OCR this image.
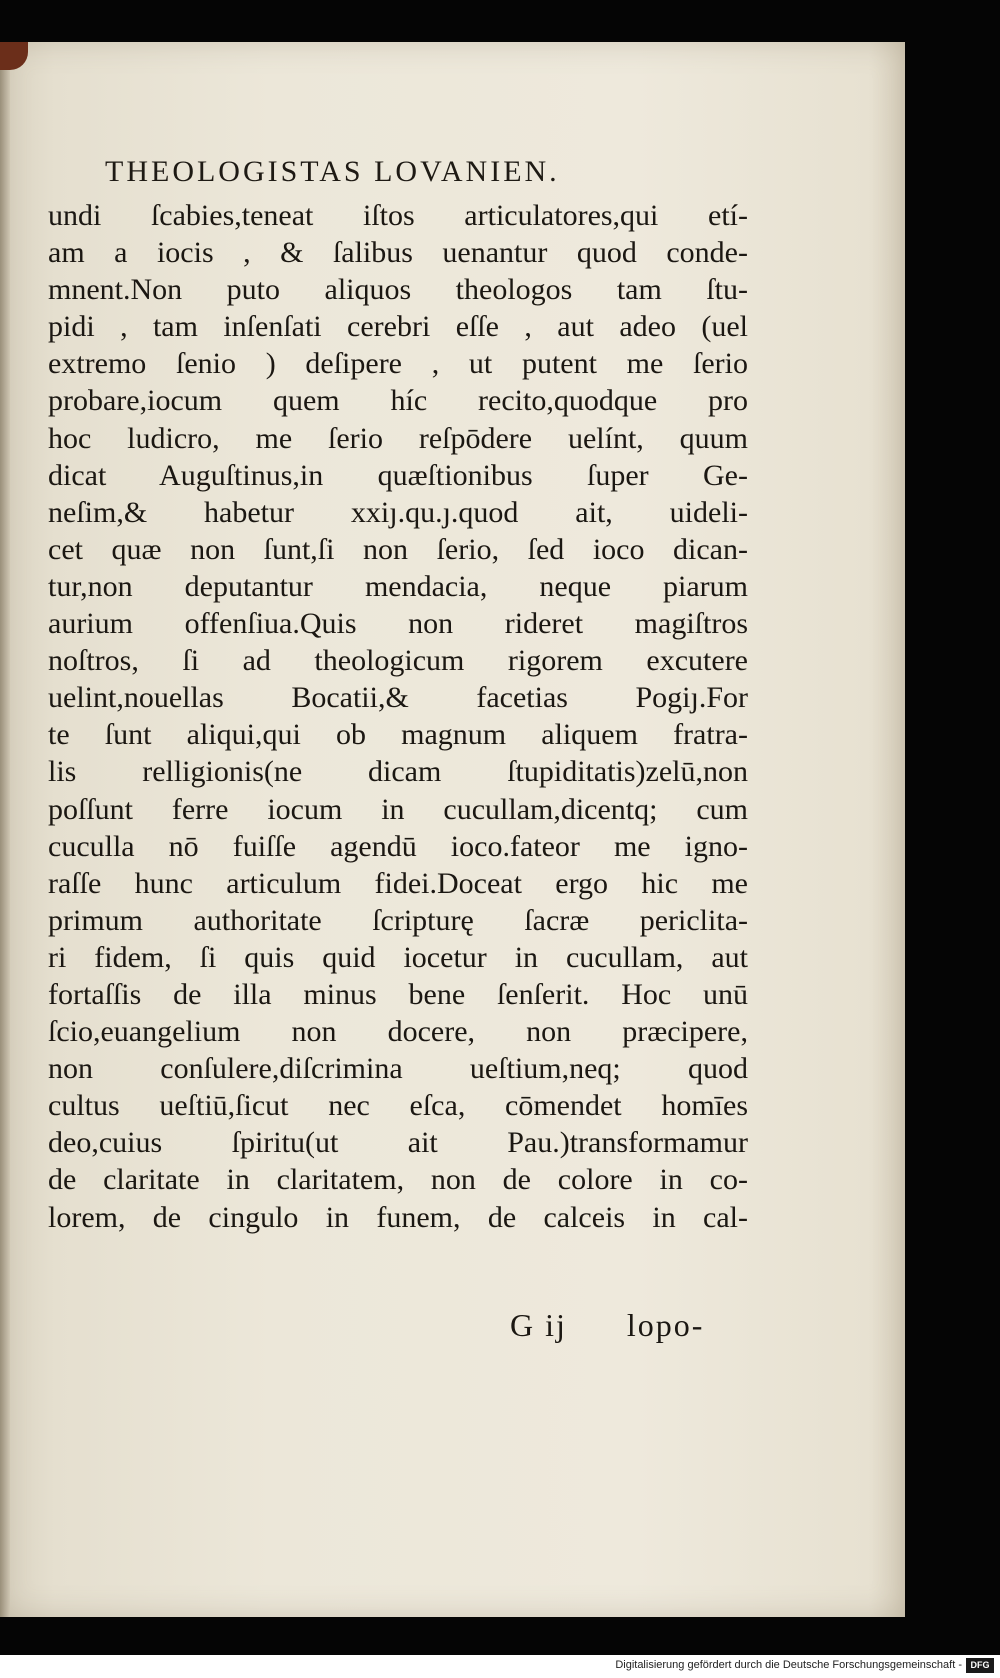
THEOLOGISTAS LOVANIEN.
undi ſcabies,teneat iſtos articulatores,qui etí-
am a iocis , & ſalibus uenantur quod conde-
mnent.Non puto aliquos theologos tam ſtu-
pidi , tam inſenſati cerebri eſſe , aut adeo (uel
extremo ſenio ) deſipere , ut putent me ſerio
probare,iocum quem híc recito,quodque pro
hoc ludicro, me ſerio reſpōdere uelínt, quum
dicat Auguſtinus,in quæſtionibus ſuper Ge-
neſim,& habetur xxiȷ.qu.ȷ.quod ait, uideli-
cet quæ non ſunt,ſi non ſerio, ſed ioco dican-
tur,non deputantur mendacia, neque piarum
aurium offenſiua.Quis non rideret magiſtros
noſtros, ſi ad theologicum rigorem excutere
uelint,nouellas Bocatii,& facetias Pogiȷ.For
te ſunt aliqui,qui ob magnum aliquem fratra-
lis relligionis(ne dicam ſtupiditatis)zelū,non
poſſunt ferre iocum in cucullam,dicentq; cum
cuculla nō fuiſſe agendū ioco.fateor me igno-
raſſe hunc articulum fidei.Doceat ergo hic me
primum authoritate ſcripturę ſacræ periclita-
ri fidem, ſi quis quid iocetur in cucullam, aut
fortaſſis de illa minus bene ſenſerit. Hoc unū
ſcio,euangelium non docere, non præcipere,
non conſulere,diſcrimina ueſtium,neq; quod
cultus ueſtiū,ſicut nec eſca, cōmendet homīes
deo,cuius ſpiritu(ut ait Pau.)transformamur
de claritate in claritatem, non de colore in co-
lorem, de cingulo in funem, de calceis in cal-
G ij lopo-
Digitalisierung gefördert durch die Deutsche Forschungsgemeinschaft - DFG
